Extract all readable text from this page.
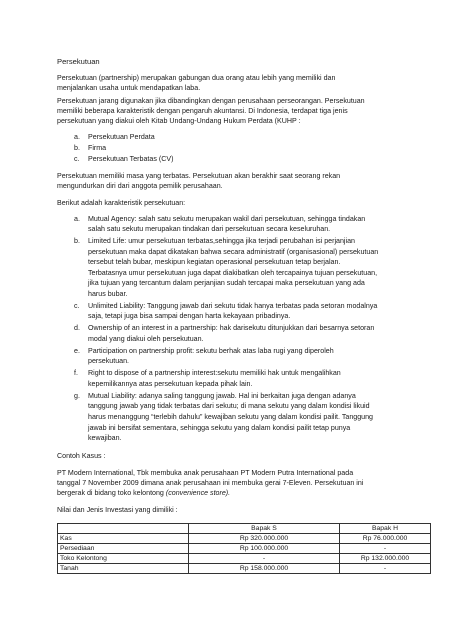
Persekutuan
Persekutuan (partnership) merupakan gabungan dua orang atau lebih yang memiliki dan
menjalankan usaha untuk mendapatkan laba.
Persekutuan jarang digunakan jika dibandingkan dengan perusahaan perseorangan. Persekutuan
memiliki beberapa karakteristik dengan pengaruh akuntansi. Di Indonesia, terdapat tiga jenis
persekutuan yang diakui oleh Kitab Undang-Undang Hukum Perdata (KUHP :
a. Persekutuan Perdata
b. Firma
c. Persekutuan Terbatas (CV)
Persekutuan memiliki masa yang terbatas. Persekutuan akan berakhir saat seorang rekan
mengundurkan diri dari anggota pemilik perusahaan.
Berikut adalah karakteristik persekutuan:
a. Mutual Agency: salah satu sekutu merupakan wakil dari persekutuan, sehingga tindakan
salah satu sekutu merupakan tindakan dari persekutuan secara keseluruhan.
b. Limited Life: umur persekutuan terbatas,sehingga jika terjadi perubahan isi perjanjian
persekutuan maka dapat dikatakan bahwa secara administratif (organisasional) persekutuan
tersebut telah bubar, meskipun kegiatan operasional persekutuan tetap berjalan.
Terbatasnya umur persekutuan juga dapat diakibatkan oleh tercapainya tujuan persekutuan,
jika tujuan yang tercantum dalam perjanjian sudah tercapai maka persekutuan yang ada
harus bubar.
c. Unlimited Liability: Tanggung jawab dari sekutu tidak hanya terbatas pada setoran modalnya
saja, tetapi juga bisa sampai dengan harta kekayaan pribadinya.
d. Ownership of an interest in a partnership: hak darisekutu ditunjukkan dari besarnya setoran
modal yang diakui oleh persekutuan.
e. Participation on partnership profit: sekutu berhak atas laba rugi yang diperoleh
persekutuan.
f. Right to dispose of a partnership interest:sekutu memiliki hak untuk mengalihkan
kepemilikannya atas persekutuan kepada pihak lain.
g. Mutual Liability: adanya saling tanggung jawab. Hal ini berkaitan juga dengan adanya
tanggung jawab yang tidak terbatas dari sekutu; di mana sekutu yang dalam kondisi likuid
harus menanggung “terlebih dahulu” kewajiban sekutu yang dalam kondisi pailit. Tanggung
jawab ini bersifat sementara, sehingga sekutu yang dalam kondisi pailit tetap punya
kewajiban.
Contoh Kasus :
PT Modern International, Tbk membuka anak perusahaan PT Modern Putra International pada
tanggal 7 November 2009 dimana anak perusahaan ini membuka gerai 7-Eleven. Persekutuan ini
bergerak di bidang toko kelontong (convenience store).
Nilai dan Jenis Investasi yang dimiliki :
	Bapak S	Bapak H
Kas	Rp 320.000.000	Rp 76.000.000
Persediaan	Rp 100.000.000	-
Toko Kelontong	-	Rp 132.000.000
Tanah	Rp 158.000.000	-
